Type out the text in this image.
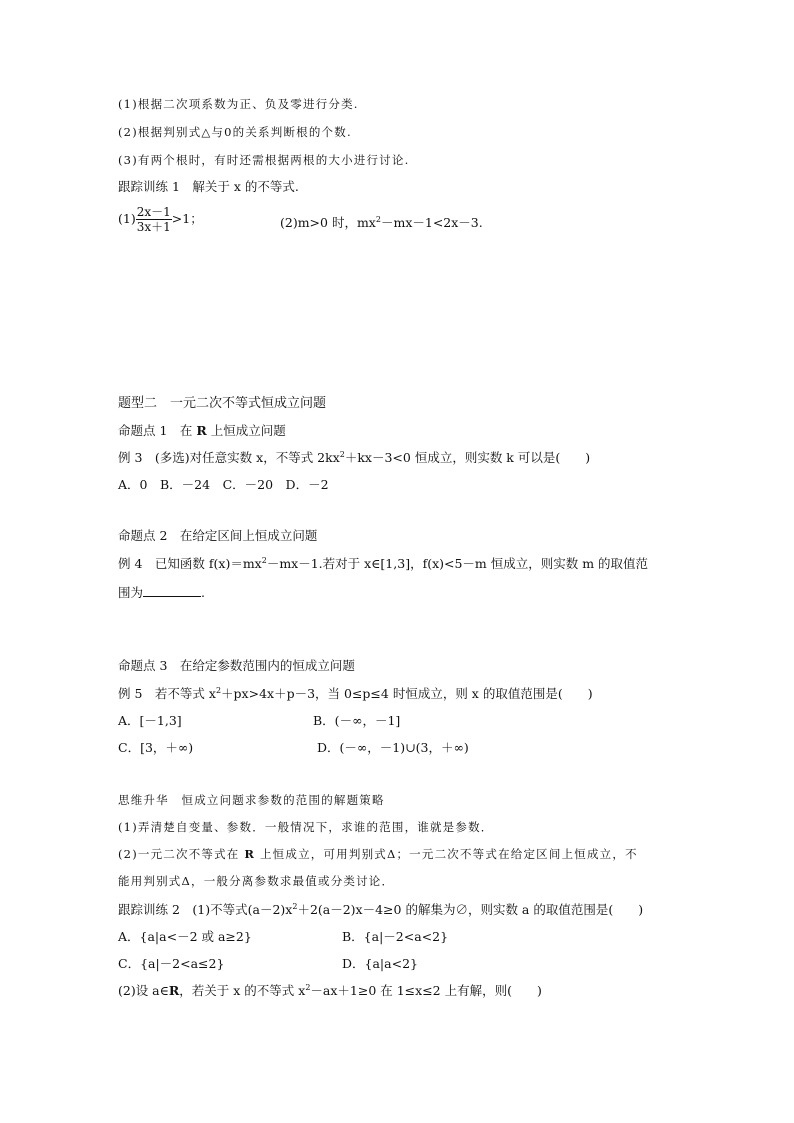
(1)根据二次项系数为正、负及零进行分类.
(2)根据判别式△与0的关系判断根的个数.
(3)有两个根时，有时还需根据两根的大小进行讨论.
跟踪训练 1　解关于 x 的不等式.
$(1) \frac{2x-1}{3x+1} >1$；	(2)m>0 时，$mx^2-mx-1<2x-3$.
题型二　一元二次不等式恒成立问题
命题点 1　在 R 上恒成立问题
例 3　(多选)对任意实数 x，不等式 $2kx^2+kx-3<0$ 恒成立，则实数 k 可以是(　　)
A．0　B．－24　C．－20　D．－2
命题点 2　在给定区间上恒成立问题
例 4　已知函数 $f(x)=mx^2-mx-1$.若对于 x∈[1,3]，f(x)<5－m 恒成立，则实数 m 的取值范
围为	.
命题点 3　在给定参数范围内的恒成立问题
例 5　若不等式 $x^2+px>4x+p-3$，当 0≤p≤4 时恒成立，则 x 的取值范围是(　　)
A．[－1,3]	B．(－∞，－1]
C．[3，＋∞)	D．(－∞，－1)∪(3，＋∞)
思维升华　恒成立问题求参数的范围的解题策略
(1)弄清楚自变量、参数．一般情况下，求谁的范围，谁就是参数．
(2)一元二次不等式在 R 上恒成立，可用判别式Δ；一元二次不等式在给定区间上恒成立，不
能用判别式Δ，一般分离参数求最值或分类讨论．
跟踪训练 2　(1)不等式$(a-2)x^2+2(a-2)x-4\ge 0$ 的解集为∅，则实数 a 的取值范围是(　　)
A．{a|a<－2 或 a≥2}	B．{a|－2<a<2}
C．{a|－2<a≤2}	D．{a|a<2}
(2)设 a∈R，若关于 x 的不等式 $x^2-ax+1\ge 0$ 在 1≤x≤2 上有解，则(　　)
